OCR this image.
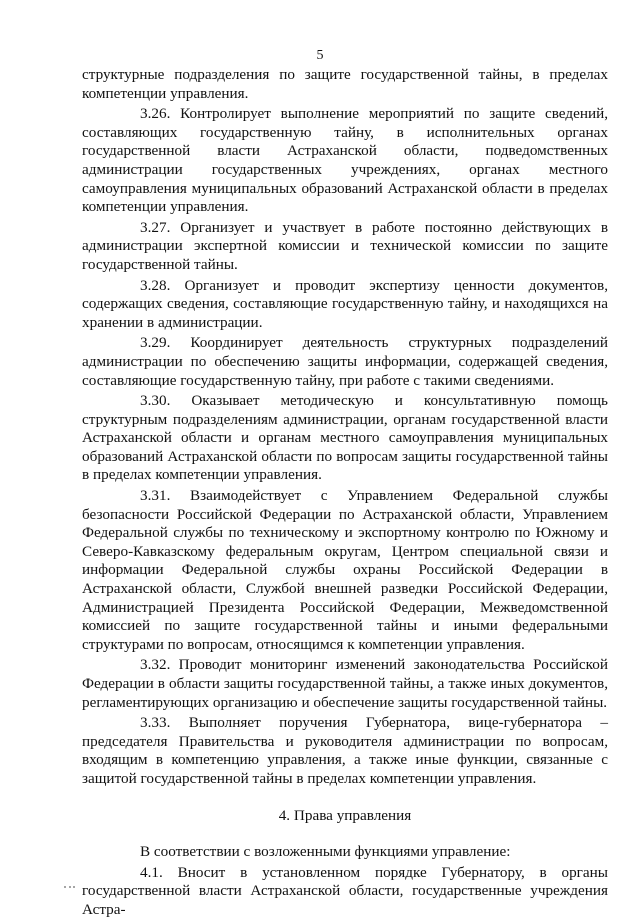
5

структурные подразделения по защите государственной тайны, в пределах компетенции управления.

3.26. Контролирует выполнение мероприятий по защите сведений, составляющих государственную тайну, в исполнительных органах государственной власти Астраханской области, подведомственных администрации государственных учреждениях, органах местного самоуправления муниципальных образований Астраханской области в пределах компетенции управления.

3.27. Организует и участвует в работе постоянно действующих в администрации экспертной комиссии и технической комиссии по защите государственной тайны.

3.28. Организует и проводит экспертизу ценности документов, содержащих сведения, составляющие государственную тайну, и находящихся на хранении в администрации.

3.29. Координирует деятельность структурных подразделений администрации по обеспечению защиты информации, содержащей сведения, составляющие государственную тайну, при работе с такими сведениями.

3.30. Оказывает методическую и консультативную помощь структурным подразделениям администрации, органам государственной власти Астраханской области и органам местного самоуправления муниципальных образований Астраханской области по вопросам защиты государственной тайны в пределах компетенции управления.

3.31. Взаимодействует с Управлением Федеральной службы безопасности Российской Федерации по Астраханской области, Управлением Федеральной службы по техническому и экспортному контролю по Южному и Северо-Кавказскому федеральным округам, Центром специальной связи и информации Федеральной службы охраны Российской Федерации в Астраханской области, Службой внешней разведки Российской Федерации, Администрацией Президента Российской Федерации, Межведомственной комиссией по защите государственной тайны и иными федеральными структурами по вопросам, относящимся к компетенции управления.

3.32. Проводит мониторинг изменений законодательства Российской Федерации в области защиты государственной тайны, а также иных документов, регламентирующих организацию и обеспечение защиты государственной тайны.

3.33. Выполняет поручения Губернатора, вице-губернатора – председателя Правительства и руководителя администрации по вопросам, входящим в компетенцию управления, а также иные функции, связанные с защитой государственной тайны в пределах компетенции управления.

4. Права управления

В соответствии с возложенными функциями управление:

4.1. Вносит в установленном порядке Губернатору, в органы государственной власти Астраханской области, государственные учреждения Астра-
